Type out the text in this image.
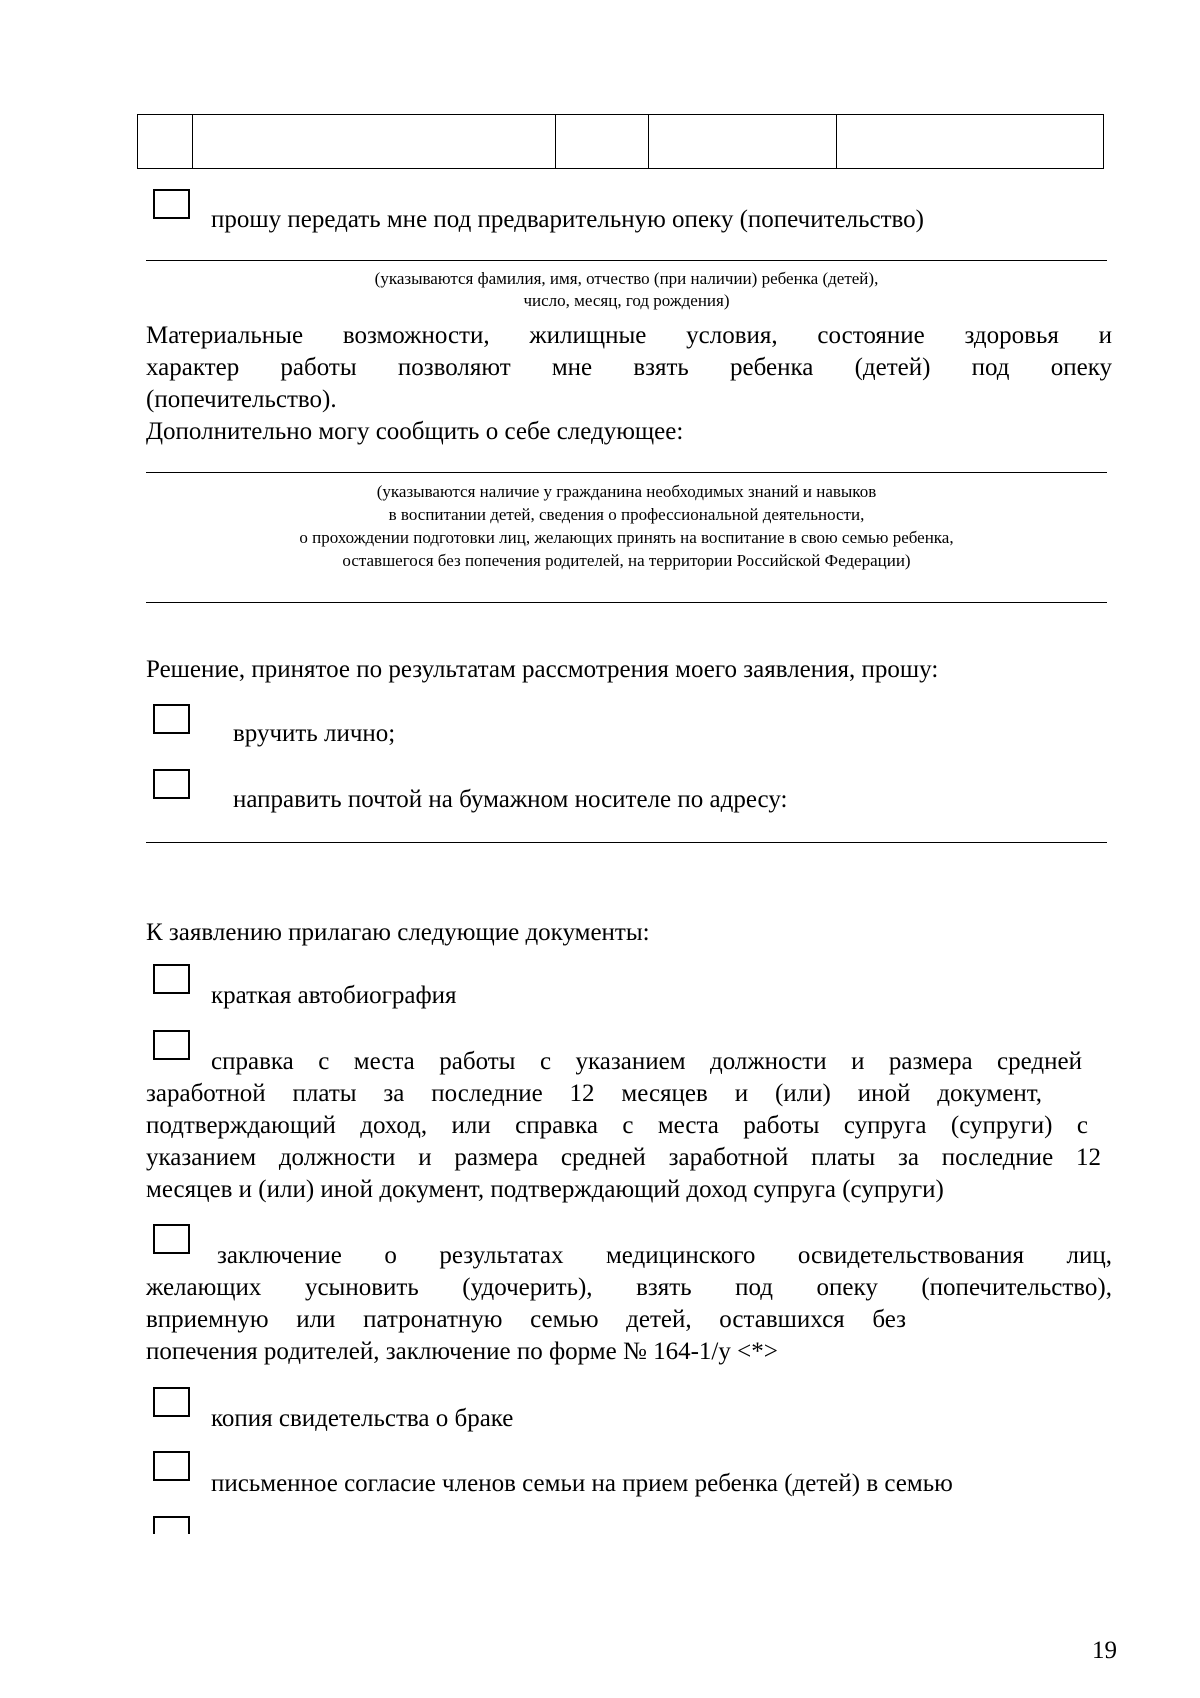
прошу передать мне под предварительную опеку (попечительство)
(указываются фамилия, имя, отчество (при наличии) ребенка (детей),
число, месяц, год рождения)
Материальные возможности, жилищные условия, состояние здоровья и
характер работы позволяют мне взять ребенка (детей) под опеку
(попечительство).
Дополнительно могу сообщить о себе следующее:
(указываются наличие у гражданина необходимых знаний и навыков
в воспитании детей, сведения о профессиональной деятельности,
о прохождении подготовки лиц, желающих принять на воспитание в свою семью ребенка,
оставшегося без попечения родителей, на территории Российской Федерации)
Решение, принятое по результатам рассмотрения моего заявления, прошу:
вручить лично;
направить почтой на бумажном носителе по адресу:
К заявлению прилагаю следующие документы:
краткая автобиография
справка с места работы с указанием должности и размера средней
заработной платы за последние 12 месяцев и (или) иной документ,
подтверждающий доход, или справка с места работы супруга (супруги) с
указанием должности и размера средней заработной платы за последние 12
месяцев и (или) иной документ, подтверждающий доход супруга (супруги)
заключение о результатах медицинского освидетельствования лиц,
желающих усыновить (удочерить), взять под опеку (попечительство),
вприемную или патронатную семью детей, оставшихся без
попечения родителей, заключение по форме № 164-1/у <*>
копия свидетельства о браке
письменное согласие членов семьи на прием ребенка (детей) в семью
19
